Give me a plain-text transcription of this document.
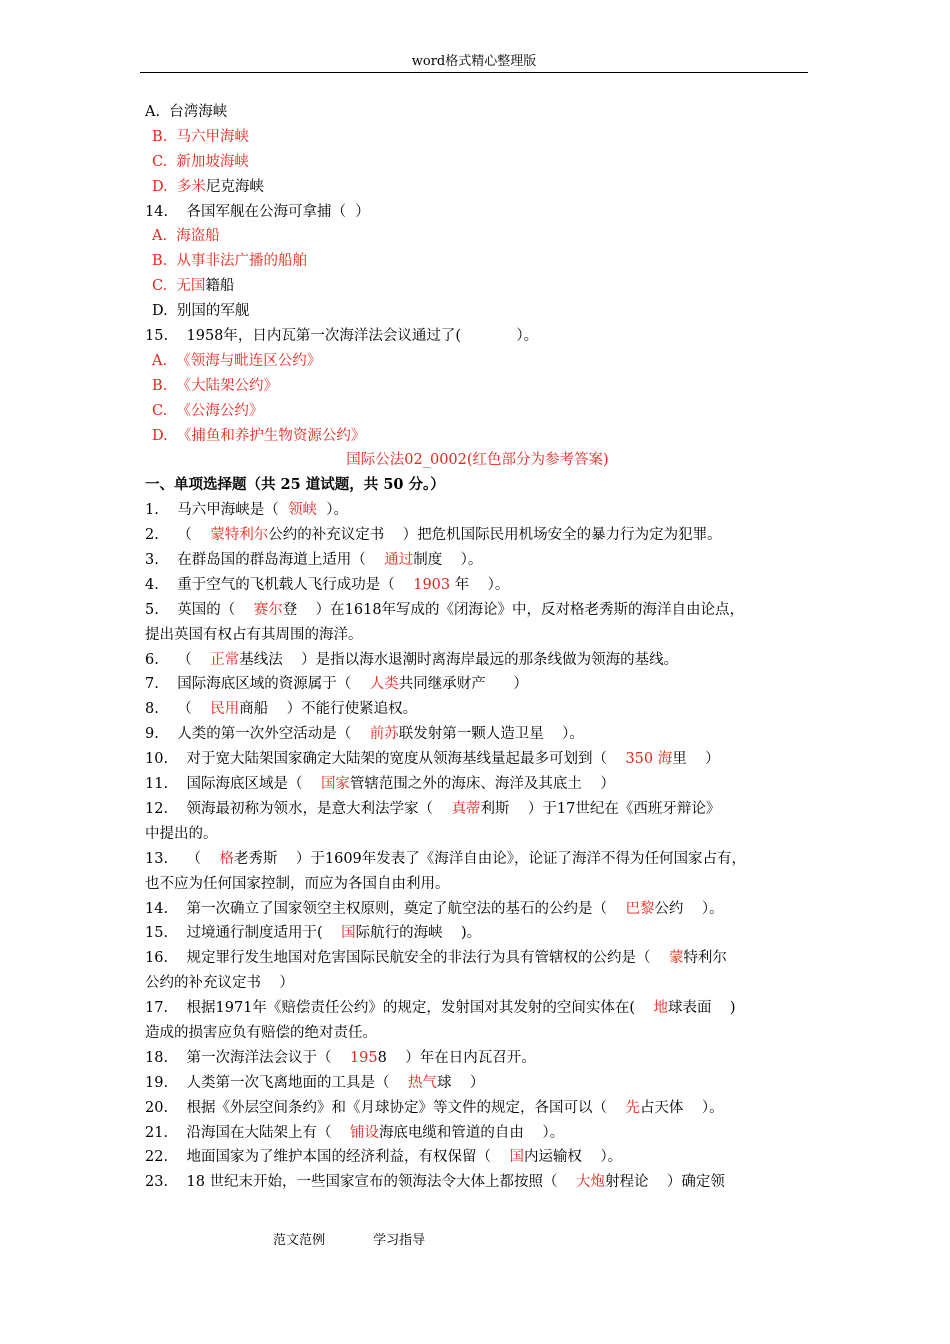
word格式精心整理版
A.  台湾海峡
B.  马六甲海峡
C.  新加坡海峡
D.  多米尼克海峡
14.    各国军舰在公海可拿捕（  ）
A.  海盗船
B.  从事非法广播的船舶
C.  无国籍船
D.  别国的军舰
15.    1958年，日内瓦第一次海洋法会议通过了(            ）。
A.  《领海与毗连区公约》
B.  《大陆架公约》
C.  《公海公约》
D.  《捕鱼和养护生物资源公约》
国际公法02_0002(红色部分为参考答案)
一、单项选择题（共 25 道试题，共 50 分。）
1.    马六甲海峡是（  领峡  ）。
2.    （    蒙特利尔公约的补充议定书    ）把危机国际民用机场安全的暴力行为定为犯罪。
3.    在群岛国的群岛海道上适用（    通过制度    ）。
4.    重于空气的飞机载人飞行成功是（    1903 年    ）。
5.    英国的（    赛尔登    ）在1618年写成的《闭海论》中，反对格老秀斯的海洋自由论点，
提出英国有权占有其周围的海洋。
6.    （    正常基线法    ）是指以海水退潮时离海岸最远的那条线做为领海的基线。
7.    国际海底区域的资源属于（    人类共同继承财产      ）
8.    （    民用商船    ）不能行使紧追权。
9.    人类的第一次外空活动是（    前苏联发射第一颗人造卫星    ）。
10.    对于宽大陆架国家确定大陆架的宽度从领海基线量起最多可划到（    350 海里    ）
11.    国际海底区域是（    国家管辖范围之外的海床、海洋及其底土    ）
12.    领海最初称为领水，是意大利法学家（    真蒂利斯    ）于17世纪在《西班牙辩论》
中提出的。
13.    （    格老秀斯    ）于1609年发表了《海洋自由论》，论证了海洋不得为任何国家占有，
也不应为任何国家控制，而应为各国自由利用。
14.    第一次确立了国家领空主权原则，奠定了航空法的基石的公约是（    巴黎公约    ）。
15.    过境通行制度适用于(    国际航行的海峡    )。
16.    规定罪行发生地国对危害国际民航安全的非法行为具有管辖权的公约是（    蒙特利尔
公约的补充议定书    ）
17.    根据1971年《赔偿责任公约》的规定，发射国对其发射的空间实体在(    地球表面    )
造成的损害应负有赔偿的绝对责任。
18.    第一次海洋法会议于（    1958    ）年在日内瓦召开。
19.    人类第一次飞离地面的工具是（    热气球    ）
20.    根据《外层空间条约》和《月球协定》等文件的规定，各国可以（    先占天体    ）。
21.    沿海国在大陆架上有（    铺设海底电缆和管道的自由    ）。
22.    地面国家为了维护本国的经济利益，有权保留（    国内运输权    ）。
23.    18 世纪末开始，一些国家宣布的领海法令大体上都按照（    大炮射程论    ）确定领
范文范例	学习指导
